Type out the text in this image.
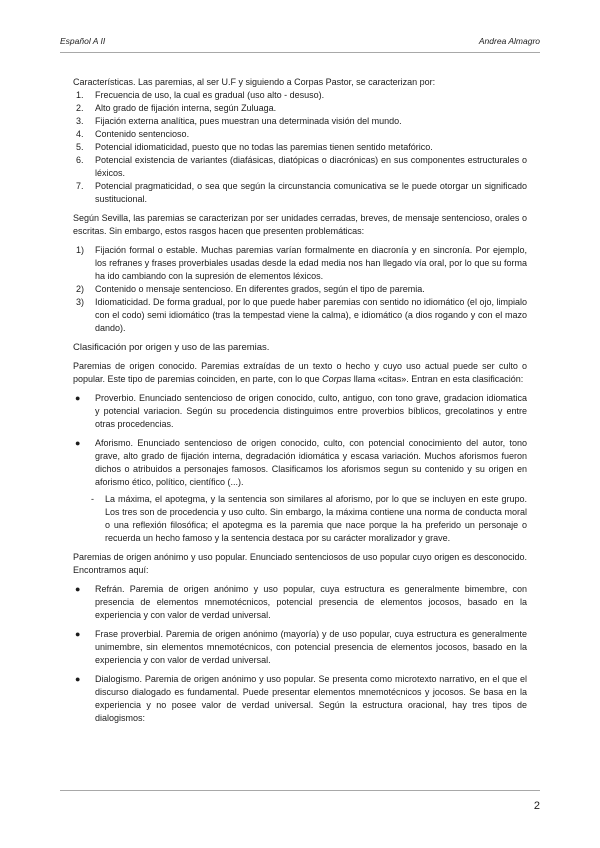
Español A II	Andrea Almagro

Características. Las paremias, al ser U.F y siguiendo a Corpas Pastor, se caracterizan por:

1. Frecuencia de uso, la cual es gradual (uso alto - desuso).
2. Alto grado de fijación interna, según Zuluaga.
3. Fijación externa analítica, pues muestran una determinada visión del mundo.
4. Contenido sentencioso.
5. Potencial idiomaticidad, puesto que no todas las paremias tienen sentido metafórico.
6. Potencial existencia de variantes (diafásicas, diatópicas o diacrónicas) en sus componentes estructurales o léxicos.
7. Potencial pragmaticidad, o sea que según la circunstancia comunicativa se le puede otorgar un significado sustitucional.

Según Sevilla, las paremias se caracterizan por ser unidades cerradas, breves, de mensaje sentencioso, orales o escritas. Sin embargo, estos rasgos hacen que presenten problemáticas:

1) Fijación formal o estable. Muchas paremias varían formalmente en diacronía y en sincronía. Por ejemplo, los refranes y frases proverbiales usadas desde la edad media nos han llegado vía oral, por lo que su forma ha ido cambiando con la supresión de elementos léxicos.
2) Contenido o mensaje sentencioso. En diferentes grados, según el tipo de paremia.
3) Idiomaticidad. De forma gradual, por lo que puede haber paremias con sentido no idiomático (el ojo, limpialo con el codo) semi idiomático (tras la tempestad viene la calma), e idiomático (a dios rogando y con el mazo dando).

Clasificación por origen y uso de las paremias.

Paremias de origen conocido. Paremias extraídas de un texto o hecho y cuyo uso actual puede ser culto o popular. Este tipo de paremias coinciden, en parte, con lo que Corpas llama «citas». Entran en esta clasificación:

● Proverbio. Enunciado sentencioso de origen conocido, culto, antiguo, con tono grave, gradacion idiomatica y potencial variacion. Según su procedencia distinguimos entre proverbios bíblicos, grecolatinos y entre otras procedencias.
● Aforismo. Enunciado sentencioso de origen conocido, culto, con potencial conocimiento del autor, tono grave, alto grado de fijación interna, degradación idiomática y escasa variación. Muchos aforismos fueron dichos o atribuidos a personajes famosos. Clasificamos los aforismos segun su contenido y su origen en aforismo ético, político, científico (...).
- La máxima, el apotegma, y la sentencia son similares al aforismo, por lo que se incluyen en este grupo. Los tres son de procedencia y uso culto. Sin embargo, la máxima contiene una norma de conducta moral o una reflexión filosófica; el apotegma es la paremia que nace porque la ha preferido un personaje o recuerda un hecho famoso y la sentencia destaca por su carácter moralizador y grave.

Paremias de origen anónimo y uso popular. Enunciado sentenciosos de uso popular cuyo origen es desconocido. Encontramos aquí:

● Refrán. Paremia de origen anónimo y uso popular, cuya estructura es generalmente bimembre, con presencia de elementos mnemotécnicos, potencial presencia de elementos jocosos, basado en la experiencia y con valor de verdad universal.
● Frase proverbial. Paremia de origen anónimo (mayoría) y de uso popular, cuya estructura es generalmente unimembre, sin elementos mnemotécnicos, con potencial presencia de elementos jocosos, basado en la experiencia y con valor de verdad universal.
● Dialogismo. Paremia de origen anónimo y uso popular. Se presenta como microtexto narrativo, en el que el discurso dialogado es fundamental. Puede presentar elementos mnemotécnicos y jocosos. Se basa en la experiencia y no posee valor de verdad universal. Según la estructura oracional, hay tres tipos de dialogismos:
2
